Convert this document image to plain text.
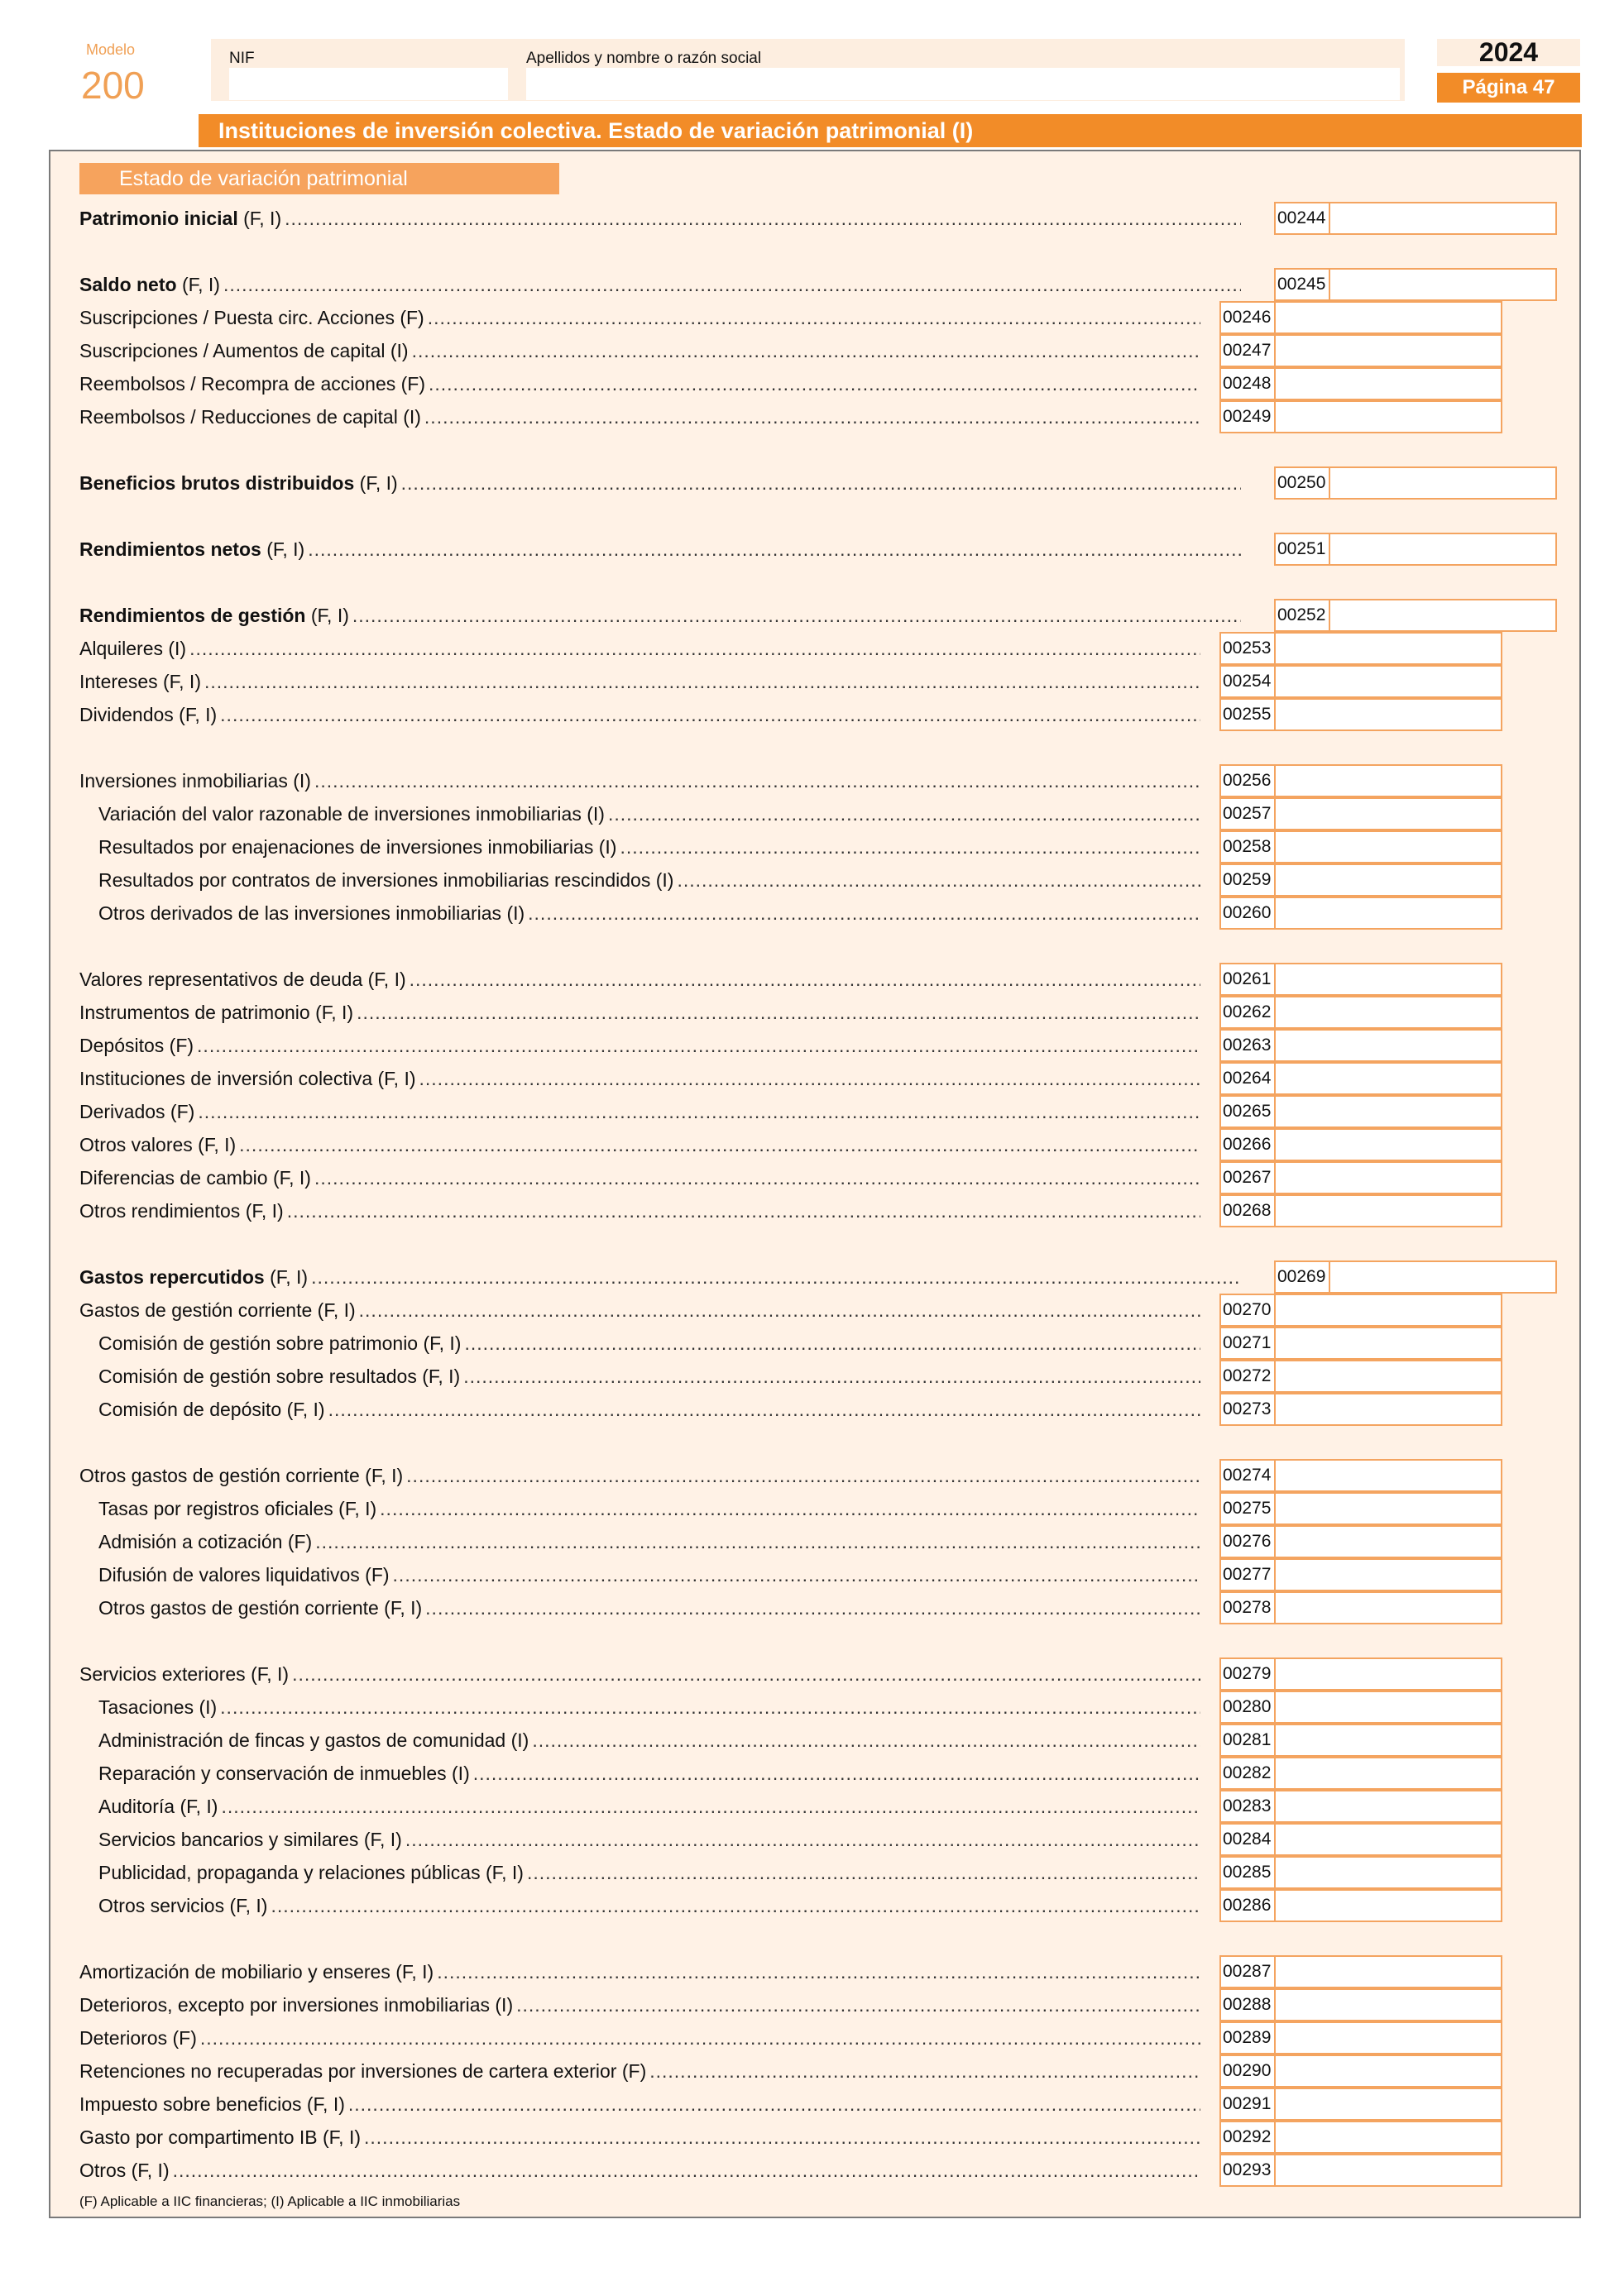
Modelo
200
NIF	Apellidos y nombre o razón social	2024
Página 47
Instituciones de inversión colectiva. Estado de variación patrimonial (I)
Estado de variación patrimonial
Patrimonio inicial (F, I) .....	00244
Saldo neto (F, I) .....	00245
Suscripciones / Puesta circ. Acciones (F) .....	00246
Suscripciones / Aumentos de capital (I) .....	00247
Reembolsos / Recompra de acciones (F) .....	00248
Reembolsos / Reducciones de capital (I) .....	00249
Beneficios brutos distribuidos (F, I) .....	00250
Rendimientos netos (F, I) .....	00251
Rendimientos de gestión (F, I) .....	00252
Alquileres (I) .....	00253
Intereses (F, I) .....	00254
Dividendos (F, I) .....	00255
Inversiones inmobiliarias (I) .....	00256
Variación del valor razonable de inversiones inmobiliarias (I) .....	00257
Resultados por enajenaciones de inversiones inmobiliarias (I) .....	00258
Resultados por contratos de inversiones inmobiliarias rescindidos (I) .....	00259
Otros derivados de las inversiones inmobiliarias (I) .....	00260
Valores representativos de deuda (F, I) .....	00261
Instrumentos de patrimonio (F, I) .....	00262
Depósitos (F) .....	00263
Instituciones de inversión colectiva (F, I) .....	00264
Derivados (F) .....	00265
Otros valores (F, I) .....	00266
Diferencias de cambio (F, I) .....	00267
Otros rendimientos (F, I) .....	00268
Gastos repercutidos (F, I) .....	00269
Gastos de gestión corriente (F, I) .....	00270
Comisión de gestión sobre patrimonio (F, I) .....	00271
Comisión de gestión sobre resultados (F, I) .....	00272
Comisión de depósito (F, I) .....	00273
Otros gastos de gestión corriente (F, I) .....	00274
Tasas por registros oficiales (F, I) .....	00275
Admisión a cotización (F) .....	00276
Difusión de valores liquidativos (F) .....	00277
Otros gastos de gestión corriente (F, I) .....	00278
Servicios exteriores (F, I) .....	00279
Tasaciones (I) .....	00280
Administración de fincas y gastos de comunidad (I) .....	00281
Reparación y conservación de inmuebles (I) .....	00282
Auditoría (F, I) .....	00283
Servicios bancarios y similares (F, I) .....	00284
Publicidad, propaganda y relaciones públicas (F, I) .....	00285
Otros servicios (F, I) .....	00286
Amortización de mobiliario y enseres (F, I) .....	00287
Deterioros, excepto por inversiones inmobiliarias (I) .....	00288
Deterioros (F) .....	00289
Retenciones no recuperadas por inversiones de cartera exterior (F) .....	00290
Impuesto sobre beneficios (F, I) .....	00291
Gasto por compartimento IB (F, I) .....	00292
Otros (F, I) .....	00293
(F) Aplicable a IIC financieras; (I) Aplicable a IIC inmobiliarias
